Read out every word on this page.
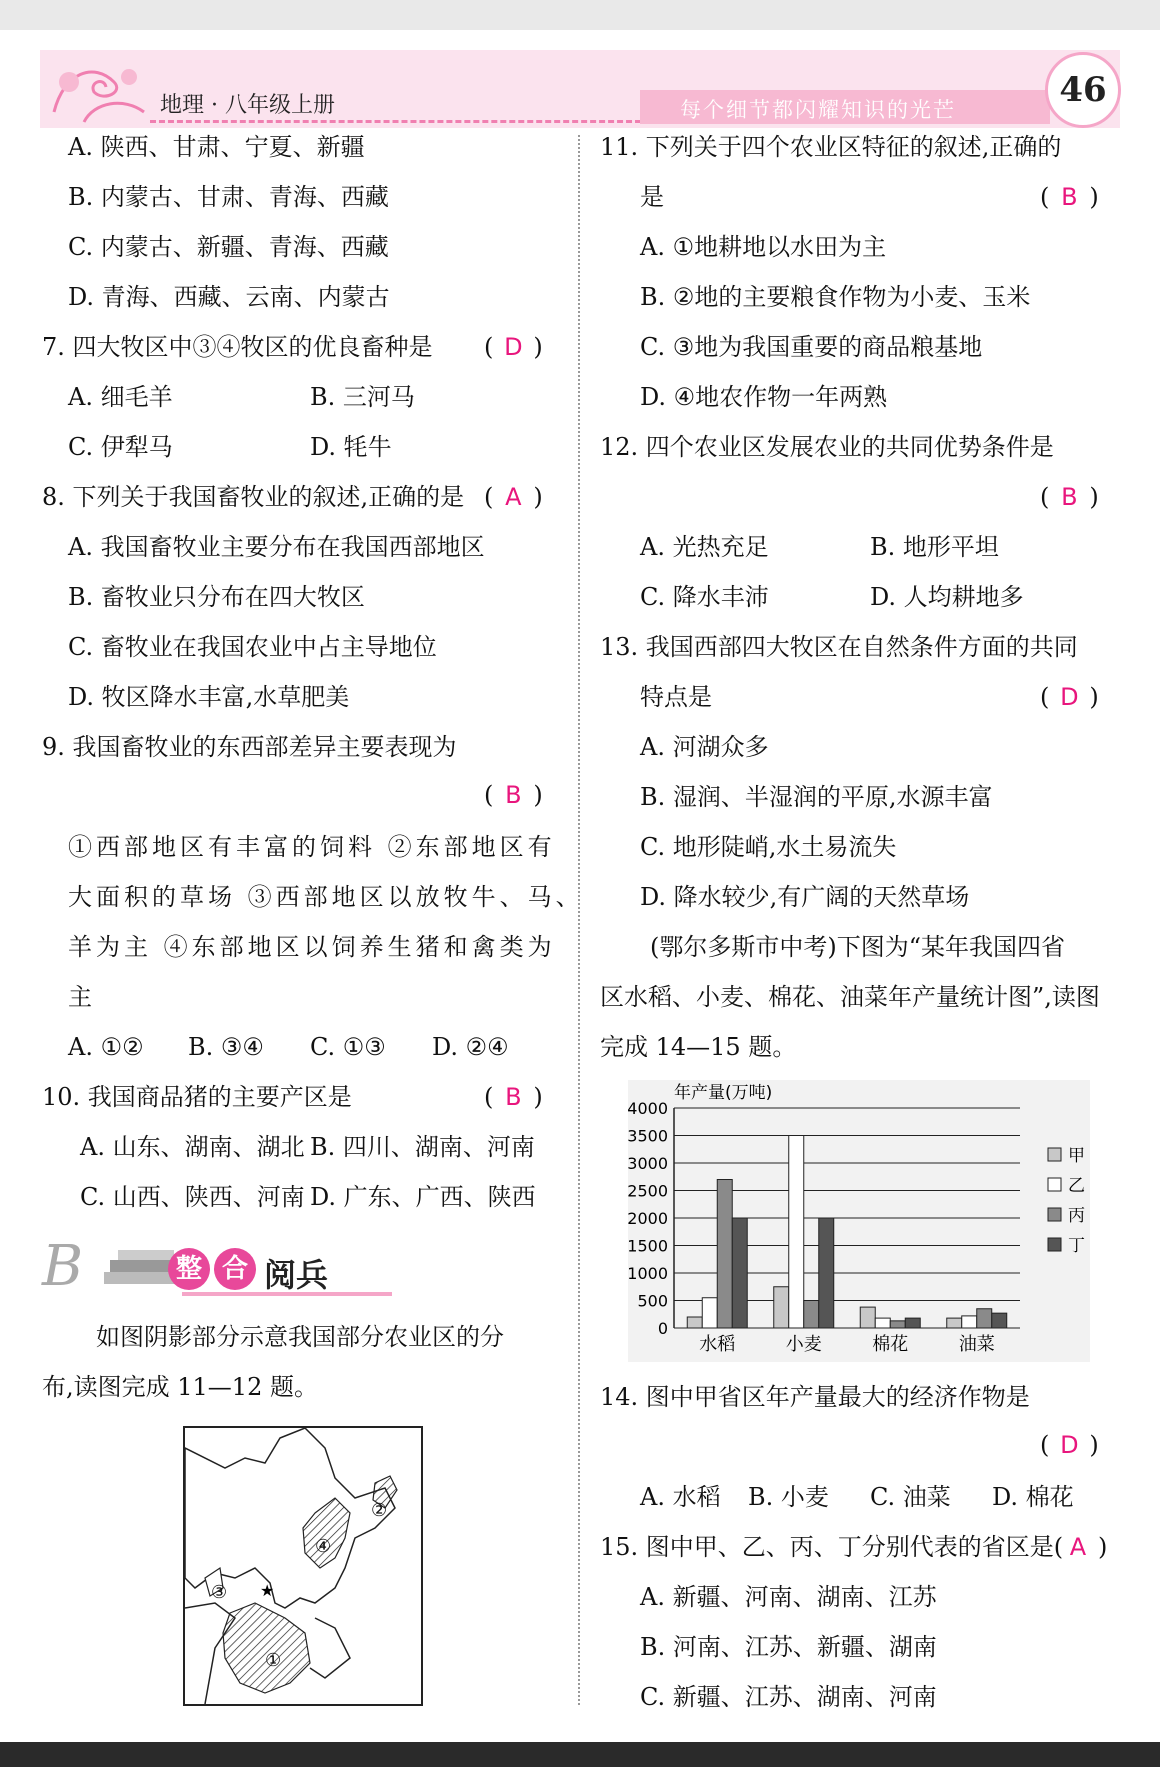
地理 · 八年级上册	每个细节都闪耀知识的光芒	46
A. 陕西、甘肃、宁夏、新疆
B. 内蒙古、甘肃、青海、西藏
C. 内蒙古、新疆、青海、西藏
D. 青海、西藏、云南、内蒙古
7. 四大牧区中③④牧区的优良畜种是 ( D )
A. 细毛羊	B. 三河马
C. 伊犁马	D. 牦牛
8. 下列关于我国畜牧业的叙述,正确的是 ( A )
A. 我国畜牧业主要分布在我国西部地区
B. 畜牧业只分布在四大牧区
C. 畜牧业在我国农业中占主导地位
D. 牧区降水丰富,水草肥美
9. 我国畜牧业的东西部差异主要表现为
( B )
①西部地区有丰富的饲料 ②东部地区有
大面积的草场 ③西部地区以放牧牛、马、
羊为主 ④东部地区以饲养生猪和禽类为
主
A. ①② B. ③④ C. ①③ D. ②④
10. 我国商品猪的主要产区是	( B )
A. 山东、湖南、湖北 B. 四川、湖南、河南
C. 山西、陕西、河南 D. 广东、广西、陕西
B	整 合 阅兵
如图阴影部分示意我国部分农业区的分
布,读图完成 11—12 题。
★
①
②
③
④
11. 下列关于四个农业区特征的叙述,正确的
是	( B )
A. ①地耕地以水田为主
B. ②地的主要粮食作物为小麦、玉米
C. ③地为我国重要的商品粮基地
D. ④地农作物一年两熟
12. 四个农业区发展农业的共同优势条件是
( B )
A. 光热充足	B. 地形平坦
C. 降水丰沛	D. 人均耕地多
13. 我国西部四大牧区在自然条件方面的共同
特点是	( D )
A. 河湖众多
B. 湿润、半湿润的平原,水源丰富
C. 地形陡峭,水土易流失
D. 降水较少,有广阔的天然草场
(鄂尔多斯市中考)下图为“某年我国四省
区水稻、小麦、棉花、油菜年产量统计图”,读图
完成 14—15 题。
年产量(万吨)
4000
3500
3000
2500
2000
1500
1000
500
0
水稻	小麦	棉花	油菜
甲
乙
丙
丁
14. 图中甲省区年产量最大的经济作物是
( D )
A. 水稻 B. 小麦 C. 油菜 D. 棉花
15. 图中甲、乙、丙、丁分别代表的省区是( A )
A. 新疆、河南、湖南、江苏
B. 河南、江苏、新疆、湖南
C. 新疆、江苏、湖南、河南
